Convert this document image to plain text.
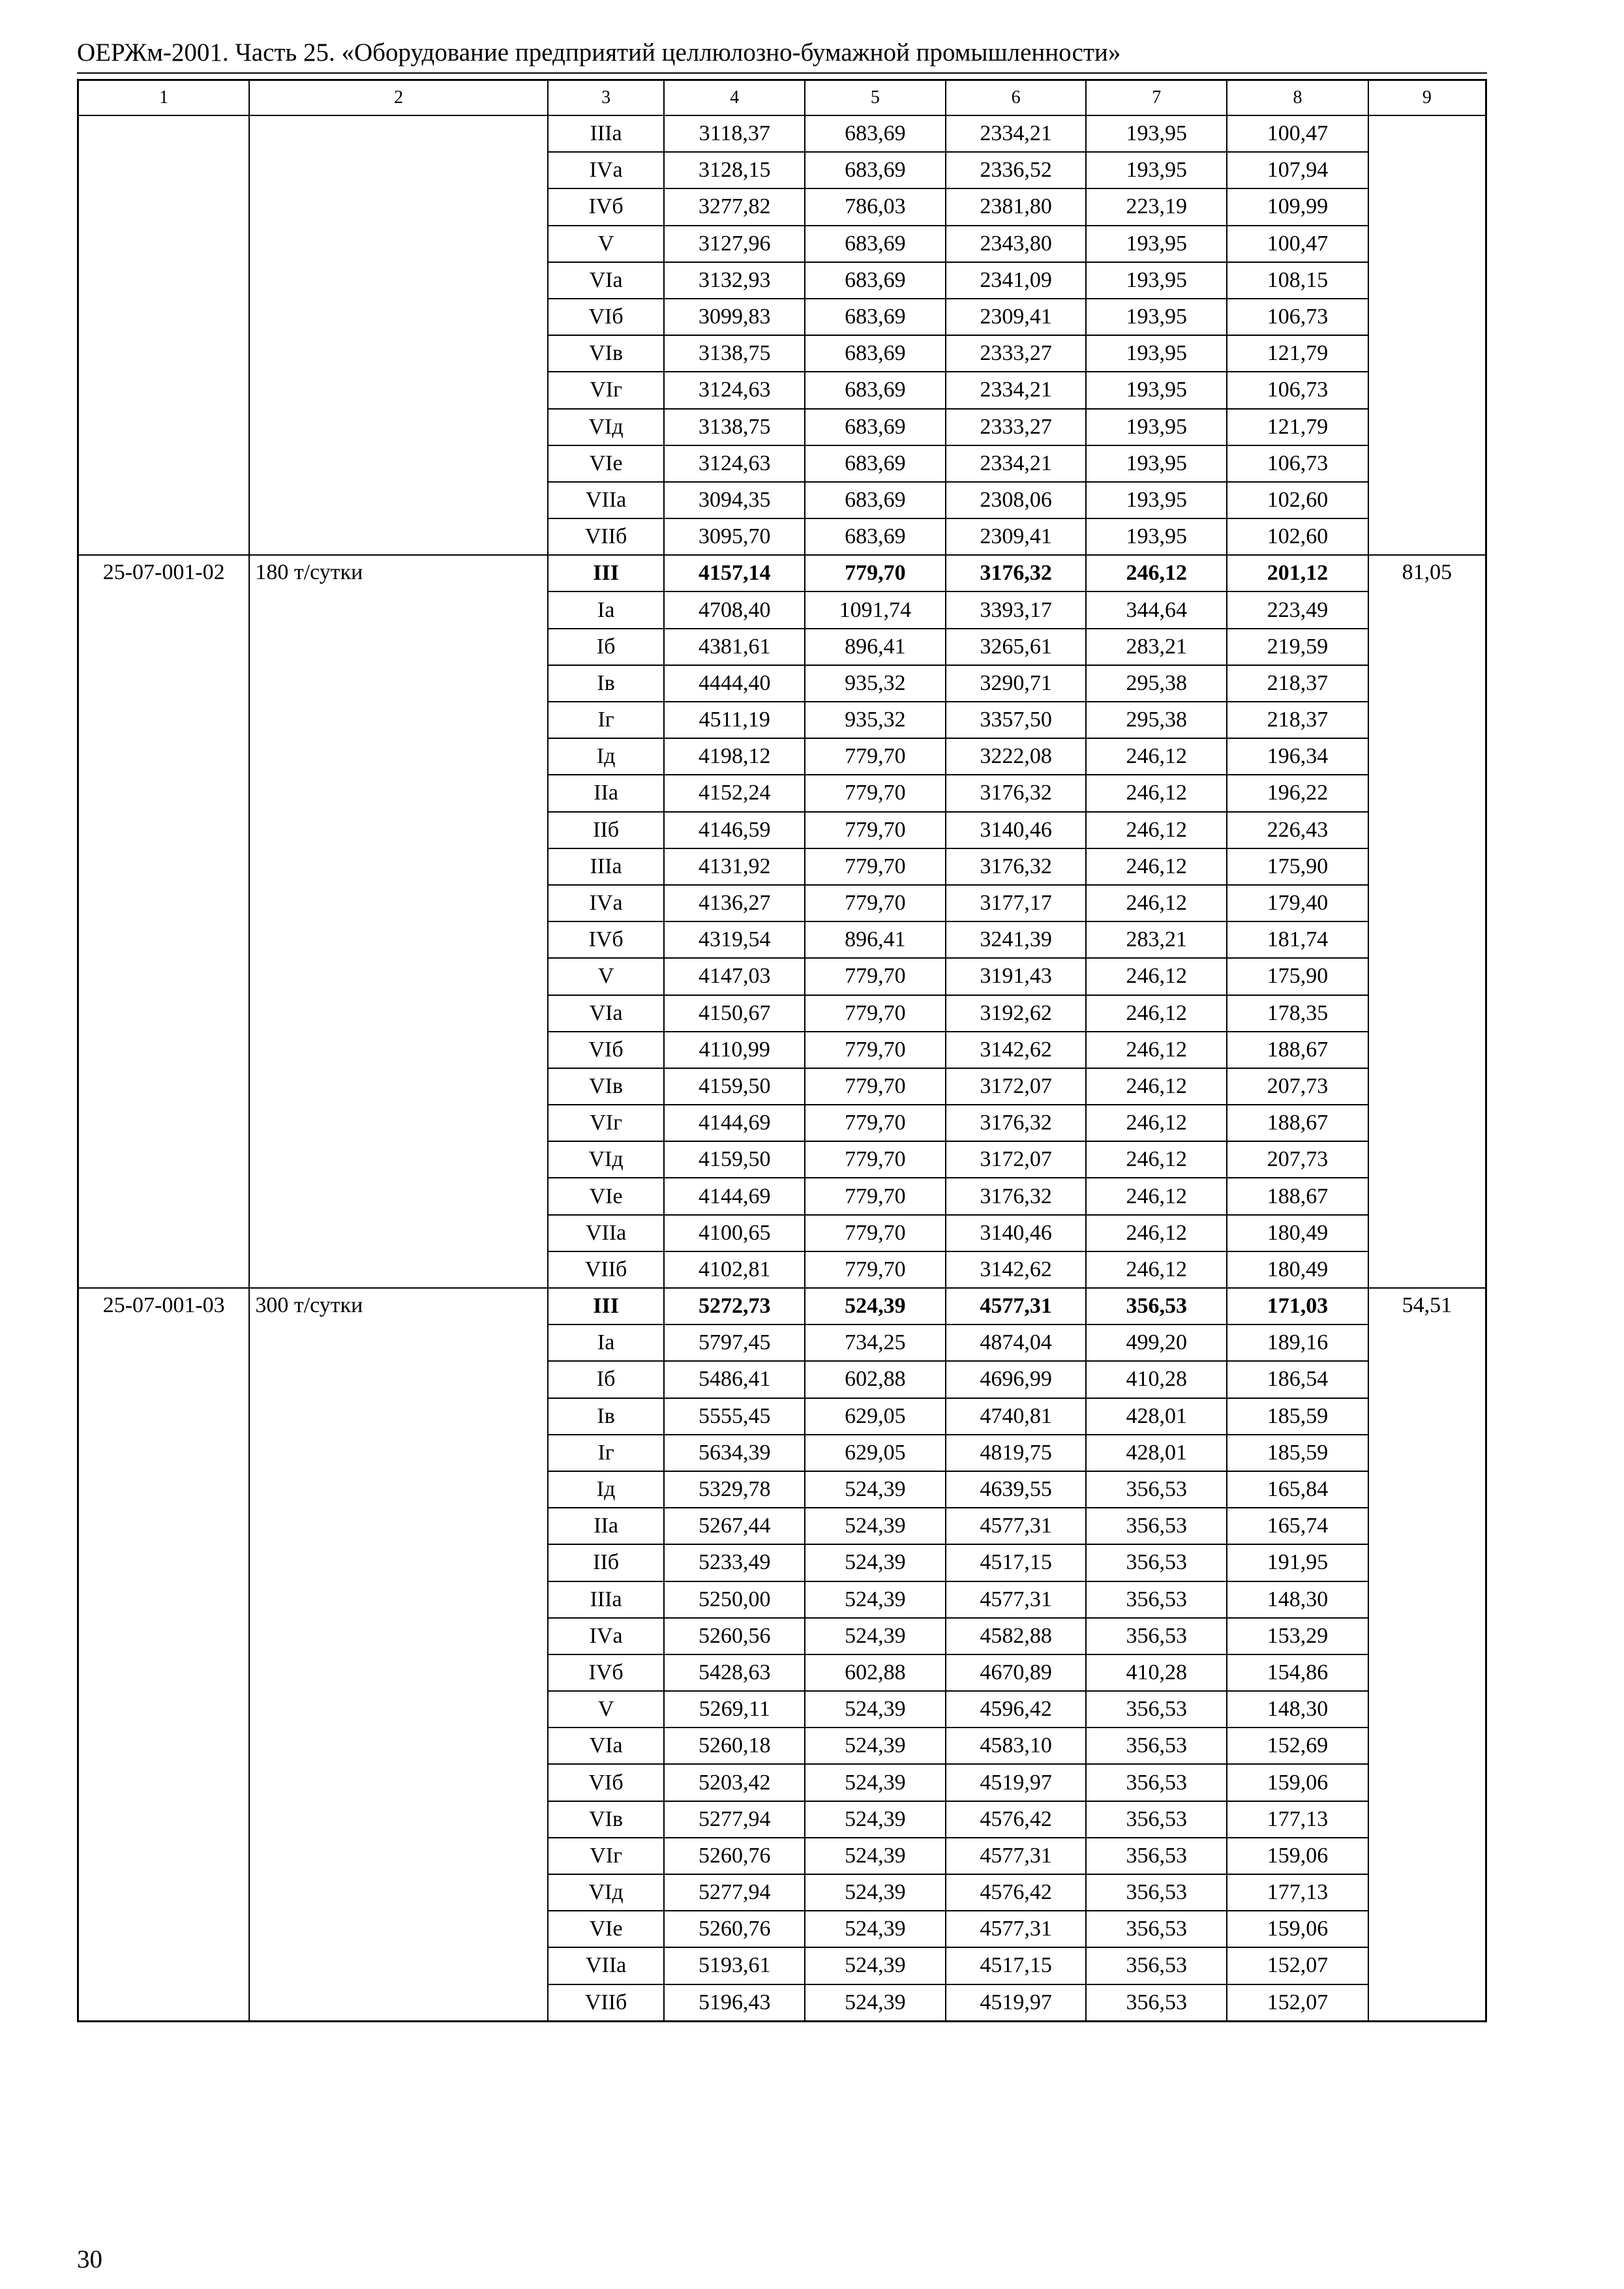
ОЕРЖм-2001. Часть 25. «Оборудование предприятий целлюлозно-бумажной промышленности»
1	2	3	4	5	6	7	8	9
		IIIа	3118,37	683,69	2334,21	193,95	100,47	
		IVа	3128,15	683,69	2336,52	193,95	107,94	
		IVб	3277,82	786,03	2381,80	223,19	109,99	
		V	3127,96	683,69	2343,80	193,95	100,47	
		VIа	3132,93	683,69	2341,09	193,95	108,15	
		VIб	3099,83	683,69	2309,41	193,95	106,73	
		VIв	3138,75	683,69	2333,27	193,95	121,79	
		VIг	3124,63	683,69	2334,21	193,95	106,73	
		VIд	3138,75	683,69	2333,27	193,95	121,79	
		VIе	3124,63	683,69	2334,21	193,95	106,73	
		VIIа	3094,35	683,69	2308,06	193,95	102,60	
		VIIб	3095,70	683,69	2309,41	193,95	102,60	
25-07-001-02	180 т/сутки	III	4157,14	779,70	3176,32	246,12	201,12	81,05
		Iа	4708,40	1091,74	3393,17	344,64	223,49	
		Iб	4381,61	896,41	3265,61	283,21	219,59	
		Iв	4444,40	935,32	3290,71	295,38	218,37	
		Iг	4511,19	935,32	3357,50	295,38	218,37	
		Iд	4198,12	779,70	3222,08	246,12	196,34	
		IIа	4152,24	779,70	3176,32	246,12	196,22	
		IIб	4146,59	779,70	3140,46	246,12	226,43	
		IIIа	4131,92	779,70	3176,32	246,12	175,90	
		IVа	4136,27	779,70	3177,17	246,12	179,40	
		IVб	4319,54	896,41	3241,39	283,21	181,74	
		V	4147,03	779,70	3191,43	246,12	175,90	
		VIа	4150,67	779,70	3192,62	246,12	178,35	
		VIб	4110,99	779,70	3142,62	246,12	188,67	
		VIв	4159,50	779,70	3172,07	246,12	207,73	
		VIг	4144,69	779,70	3176,32	246,12	188,67	
		VIд	4159,50	779,70	3172,07	246,12	207,73	
		VIе	4144,69	779,70	3176,32	246,12	188,67	
		VIIа	4100,65	779,70	3140,46	246,12	180,49	
		VIIб	4102,81	779,70	3142,62	246,12	180,49	
25-07-001-03	300 т/сутки	III	5272,73	524,39	4577,31	356,53	171,03	54,51
		Iа	5797,45	734,25	4874,04	499,20	189,16	
		Iб	5486,41	602,88	4696,99	410,28	186,54	
		Iв	5555,45	629,05	4740,81	428,01	185,59	
		Iг	5634,39	629,05	4819,75	428,01	185,59	
		Iд	5329,78	524,39	4639,55	356,53	165,84	
		IIа	5267,44	524,39	4577,31	356,53	165,74	
		IIб	5233,49	524,39	4517,15	356,53	191,95	
		IIIа	5250,00	524,39	4577,31	356,53	148,30	
		IVа	5260,56	524,39	4582,88	356,53	153,29	
		IVб	5428,63	602,88	4670,89	410,28	154,86	
		V	5269,11	524,39	4596,42	356,53	148,30	
		VIа	5260,18	524,39	4583,10	356,53	152,69	
		VIб	5203,42	524,39	4519,97	356,53	159,06	
		VIв	5277,94	524,39	4576,42	356,53	177,13	
		VIг	5260,76	524,39	4577,31	356,53	159,06	
		VIд	5277,94	524,39	4576,42	356,53	177,13	
		VIе	5260,76	524,39	4577,31	356,53	159,06	
		VIIа	5193,61	524,39	4517,15	356,53	152,07	
		VIIб	5196,43	524,39	4519,97	356,53	152,07	
30
